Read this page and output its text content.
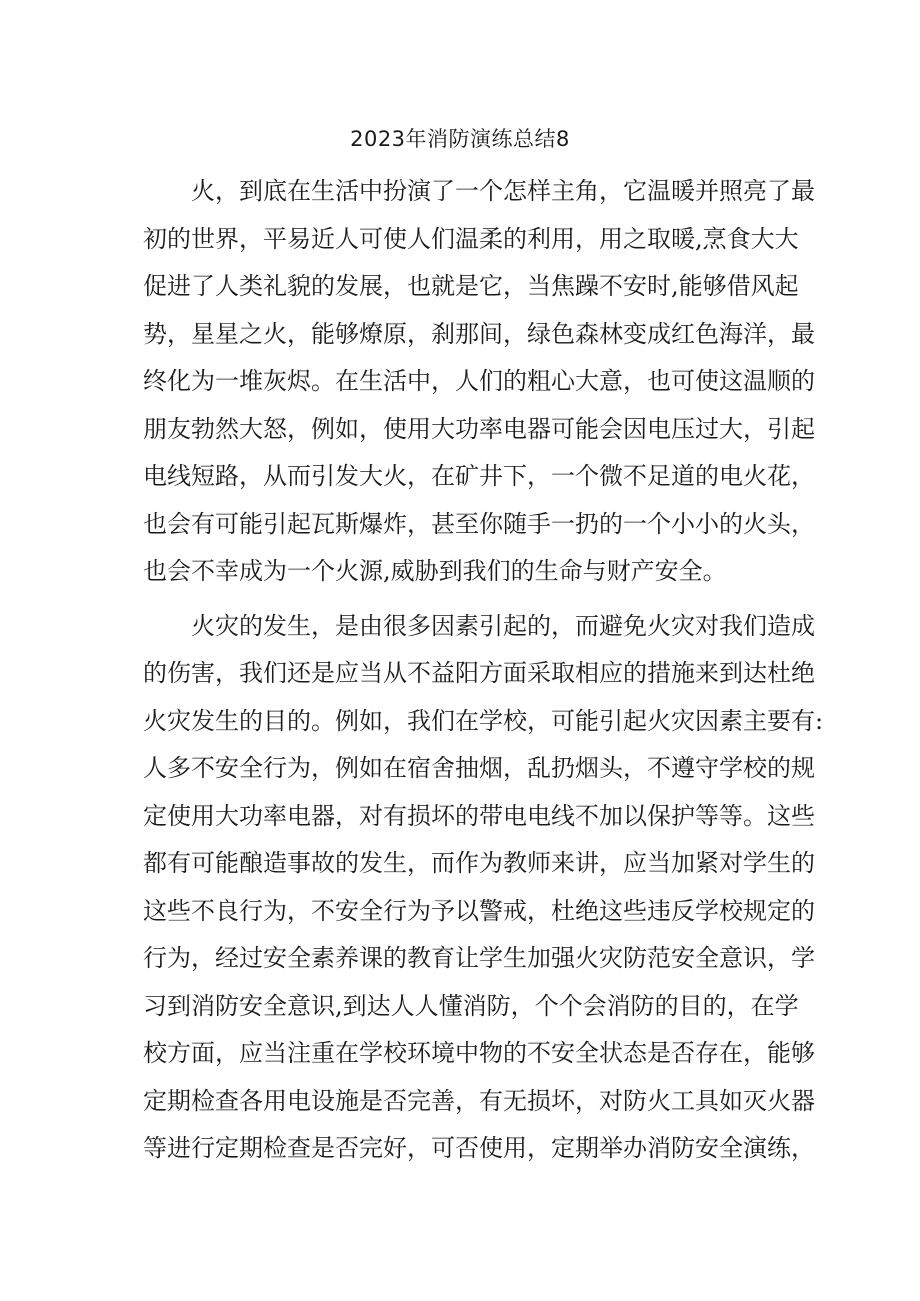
2023年消防演练总结8
火，到底在生活中扮演了一个怎样主角，它温暖并照亮了最
初的世界，平易近人可使人们温柔的利用，用之取暖,烹食大大
促进了人类礼貌的发展，也就是它，当焦躁不安时,能够借风起
势，星星之火，能够燎原，刹那间，绿色森林变成红色海洋，最
终化为一堆灰烬。在生活中，人们的粗心大意，也可使这温顺的
朋友勃然大怒，例如，使用大功率电器可能会因电压过大，引起
电线短路，从而引发大火，在矿井下，一个微不足道的电火花，
也会有可能引起瓦斯爆炸，甚至你随手一扔的一个小小的火头，
也会不幸成为一个火源,威胁到我们的生命与财产安全。
火灾的发生，是由很多因素引起的，而避免火灾对我们造成
的伤害，我们还是应当从不益阳方面采取相应的措施来到达杜绝
火灾发生的目的。例如，我们在学校，可能引起火灾因素主要有:
人多不安全行为，例如在宿舍抽烟，乱扔烟头，不遵守学校的规
定使用大功率电器，对有损坏的带电电线不加以保护等等。这些
都有可能酿造事故的发生，而作为教师来讲，应当加紧对学生的
这些不良行为，不安全行为予以警戒，杜绝这些违反学校规定的
行为，经过安全素养课的教育让学生加强火灾防范安全意识，学
习到消防安全意识,到达人人懂消防，个个会消防的目的，在学
校方面，应当注重在学校环境中物的不安全状态是否存在，能够
定期检查各用电设施是否完善，有无损坏，对防火工具如灭火器
等进行定期检查是否完好，可否使用，定期举办消防安全演练，
